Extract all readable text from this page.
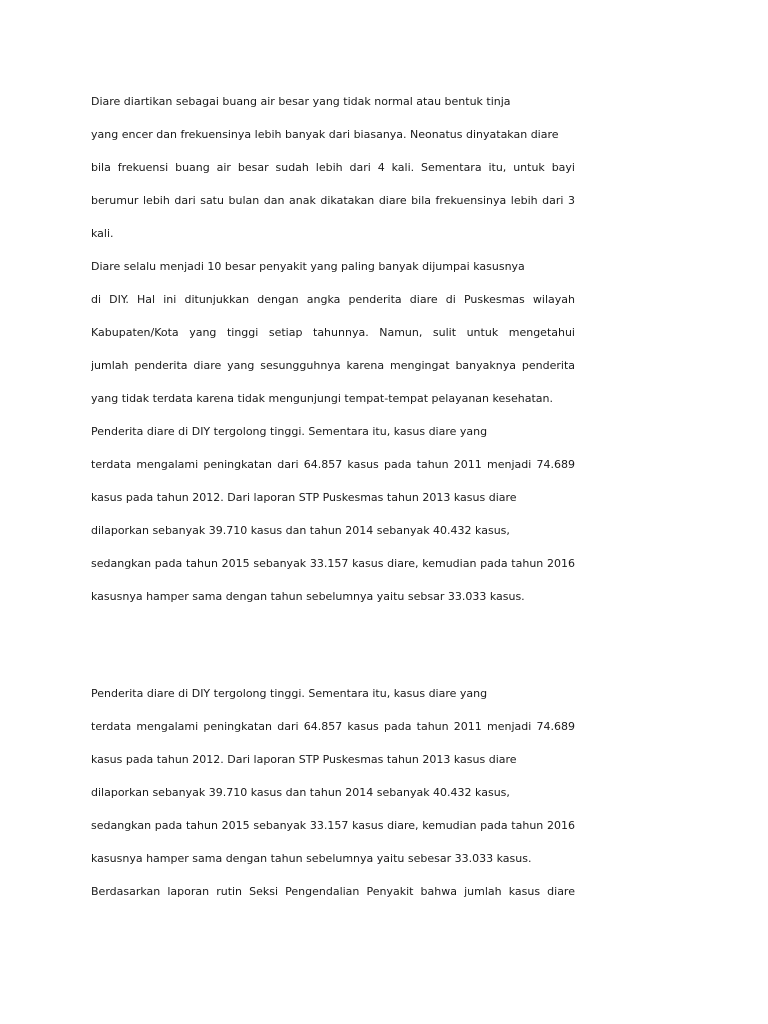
Diare diartikan sebagai buang air besar yang tidak normal atau bentuk tinja
yang encer dan frekuensinya lebih banyak dari biasanya. Neonatus dinyatakan diare
bila frekuensi buang air besar sudah lebih dari 4 kali. Sementara itu, untuk bayi
berumur lebih dari satu bulan dan anak dikatakan diare bila frekuensinya lebih dari 3
kali.
Diare selalu menjadi 10 besar penyakit yang paling banyak dijumpai kasusnya
di DIY. Hal ini ditunjukkan dengan angka penderita diare di Puskesmas wilayah
Kabupaten/Kota yang tinggi setiap tahunnya. Namun, sulit untuk mengetahui
jumlah penderita diare yang sesungguhnya karena mengingat banyaknya penderita
yang tidak terdata karena tidak mengunjungi tempat-tempat pelayanan kesehatan.
Penderita diare di DIY tergolong tinggi. Sementara itu, kasus diare yang
terdata mengalami peningkatan dari 64.857 kasus pada tahun 2011 menjadi 74.689
kasus pada tahun 2012. Dari laporan STP Puskesmas tahun 2013 kasus diare
dilaporkan sebanyak 39.710 kasus dan tahun 2014 sebanyak 40.432 kasus,
sedangkan pada tahun 2015 sebanyak 33.157 kasus diare, kemudian pada tahun 2016
kasusnya hamper sama dengan tahun sebelumnya yaitu sebsar 33.033 kasus.
Penderita diare di DIY tergolong tinggi. Sementara itu, kasus diare yang
terdata mengalami peningkatan dari 64.857 kasus pada tahun 2011 menjadi 74.689
kasus pada tahun 2012. Dari laporan STP Puskesmas tahun 2013 kasus diare
dilaporkan sebanyak 39.710 kasus dan tahun 2014 sebanyak 40.432 kasus,
sedangkan pada tahun 2015 sebanyak 33.157 kasus diare, kemudian pada tahun 2016
kasusnya hamper sama dengan tahun sebelumnya yaitu sebesar 33.033 kasus.
Berdasarkan laporan rutin Seksi Pengendalian Penyakit bahwa jumlah kasus diare
